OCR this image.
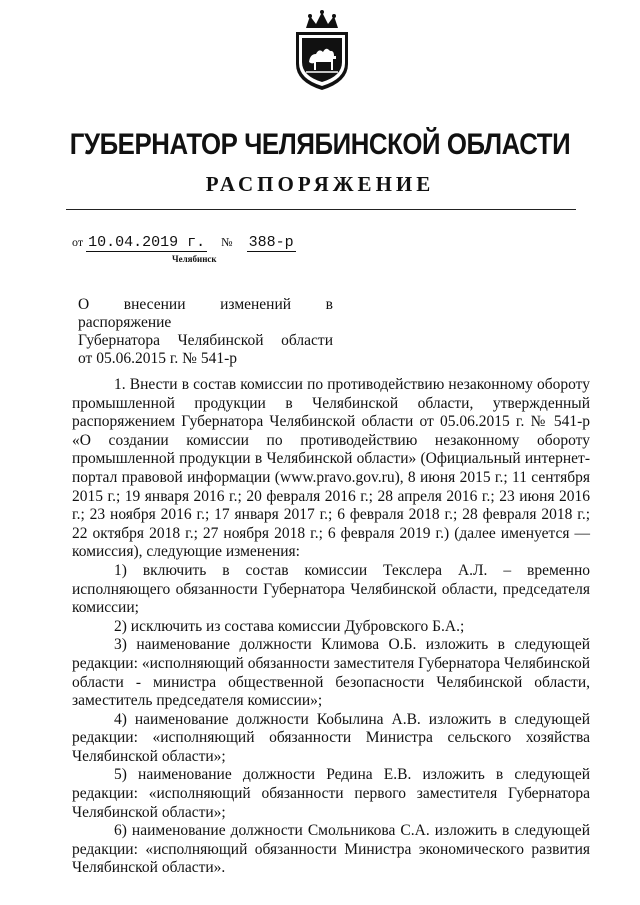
ГУБЕРНАТОР ЧЕЛЯБИНСКОЙ ОБЛАСТИ
РАСПОРЯЖЕНИЕ
от 10.04.2019 г. № 388-р
Челябинск
О внесении изменений в распоряжение
Губернатора Челябинской области
от 05.06.2015 г. № 541-р

1. Внести в состав комиссии по противодействию незаконному обороту промышленной продукции в Челябинской области, утвержденный распоряжением Губернатора Челябинской области от 05.06.2015 г. № 541-р «О создании комиссии по противодействию незаконному обороту промышленной продукции в Челябинской области» (Официальный интернет-портал правовой информации (www.pravo.gov.ru), 8 июня 2015 г.; 11 сентября 2015 г.; 19 января 2016 г.; 20 февраля 2016 г.; 28 апреля 2016 г.; 23 июня 2016 г.; 23 ноября 2016 г.; 17 января 2017 г.; 6 февраля 2018 г.; 28 февраля 2018 г.; 22 октября 2018 г.; 27 ноября 2018 г.; 6 февраля 2019 г.) (далее именуется — комиссия), следующие изменения:

1) включить в состав комиссии Текслера А.Л. – временно исполняющего обязанности Губернатора Челябинской области, председателя комиссии;

2) исключить из состава комиссии Дубровского Б.А.;

3) наименование должности Климова О.Б. изложить в следующей редакции: «исполняющий обязанности заместителя Губернатора Челябинской области - министра общественной безопасности Челябинской области, заместитель председателя комиссии»;

4) наименование должности Кобылина А.В. изложить в следующей редакции: «исполняющий обязанности Министра сельского хозяйства Челябинской области»;

5) наименование должности Редина Е.В. изложить в следующей редакции: «исполняющий обязанности первого заместителя Губернатора Челябинской области»;

6) наименование должности Смольникова С.А. изложить в следующей редакции: «исполняющий обязанности Министра экономического развития Челябинской области».
